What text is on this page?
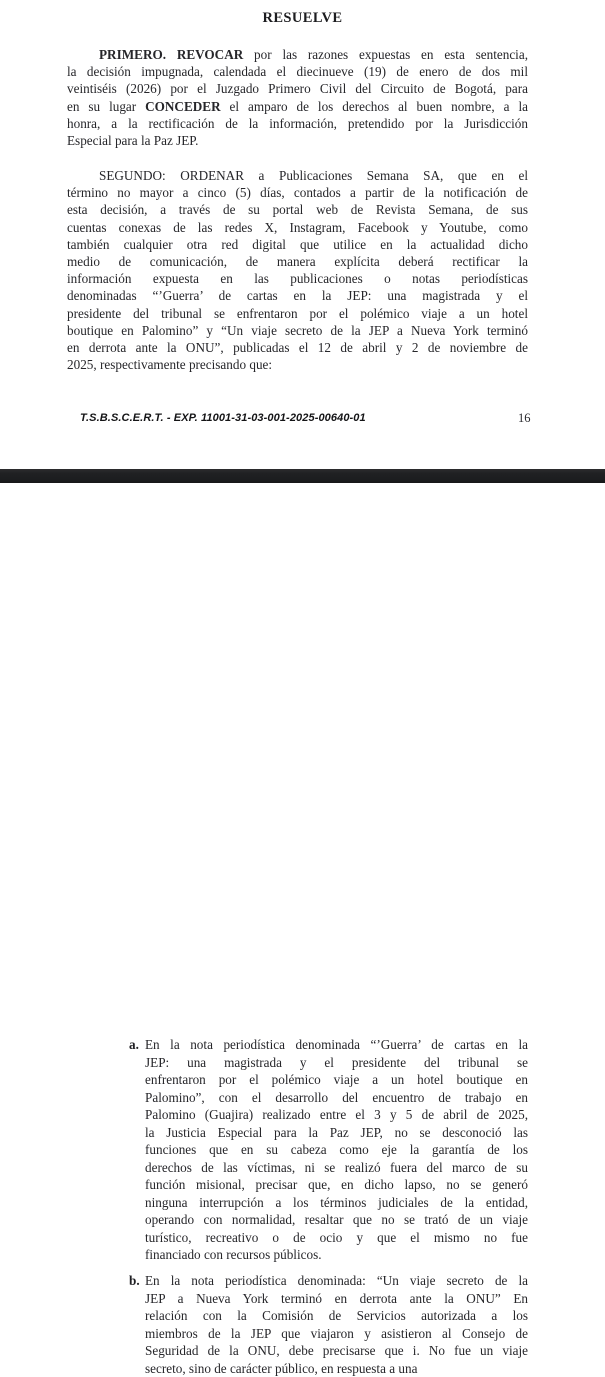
RESUELVE
PRIMERO. REVOCAR por las razones expuestas en esta sentencia,
la decisión impugnada, calendada el diecinueve (19) de enero de dos mil
veintiséis (2026) por el Juzgado Primero Civil del Circuito de Bogotá, para
en su lugar CONCEDER el amparo de los derechos al buen nombre, a la
honra, a la rectificación de la información, pretendido por la Jurisdicción
Especial para la Paz JEP.
SEGUNDO: ORDENAR a Publicaciones Semana SA, que en el
término no mayor a cinco (5) días, contados a partir de la notificación de
esta decisión, a través de su portal web de Revista Semana, de sus
cuentas conexas de las redes X, Instagram, Facebook y Youtube, como
también cualquier otra red digital que utilice en la actualidad dicho
medio de comunicación, de manera explícita deberá rectificar la
información expuesta en las publicaciones o notas periodísticas
denominadas “’Guerra’ de cartas en la JEP: una magistrada y el
presidente del tribunal se enfrentaron por el polémico viaje a un hotel
boutique en Palomino” y “Un viaje secreto de la JEP a Nueva York terminó
en derrota ante la ONU”, publicadas el 12 de abril y 2 de noviembre de
2025, respectivamente precisando que:
T.S.B.S.C.E.R.T. - EXP. 11001-31-03-001-2025-00640-01	16
a. En la nota periodística denominada “’Guerra’ de cartas en la
JEP: una magistrada y el presidente del tribunal se
enfrentaron por el polémico viaje a un hotel boutique en
Palomino”, con el desarrollo del encuentro de trabajo en
Palomino (Guajira) realizado entre el 3 y 5 de abril de 2025,
la Justicia Especial para la Paz JEP, no se desconoció las
funciones que en su cabeza como eje la garantía de los
derechos de las víctimas, ni se realizó fuera del marco de su
función misional, precisar que, en dicho lapso, no se generó
ninguna interrupción a los términos judiciales de la entidad,
operando con normalidad, resaltar que no se trató de un viaje
turístico, recreativo o de ocio y que el mismo no fue
financiado con recursos públicos.
b. En la nota periodística denominada: “Un viaje secreto de la
JEP a Nueva York terminó en derrota ante la ONU” En
relación con la Comisión de Servicios autorizada a los
miembros de la JEP que viajaron y asistieron al Consejo de
Seguridad de la ONU, debe precisarse que i. No fue un viaje
secreto, sino de carácter público, en respuesta a una
